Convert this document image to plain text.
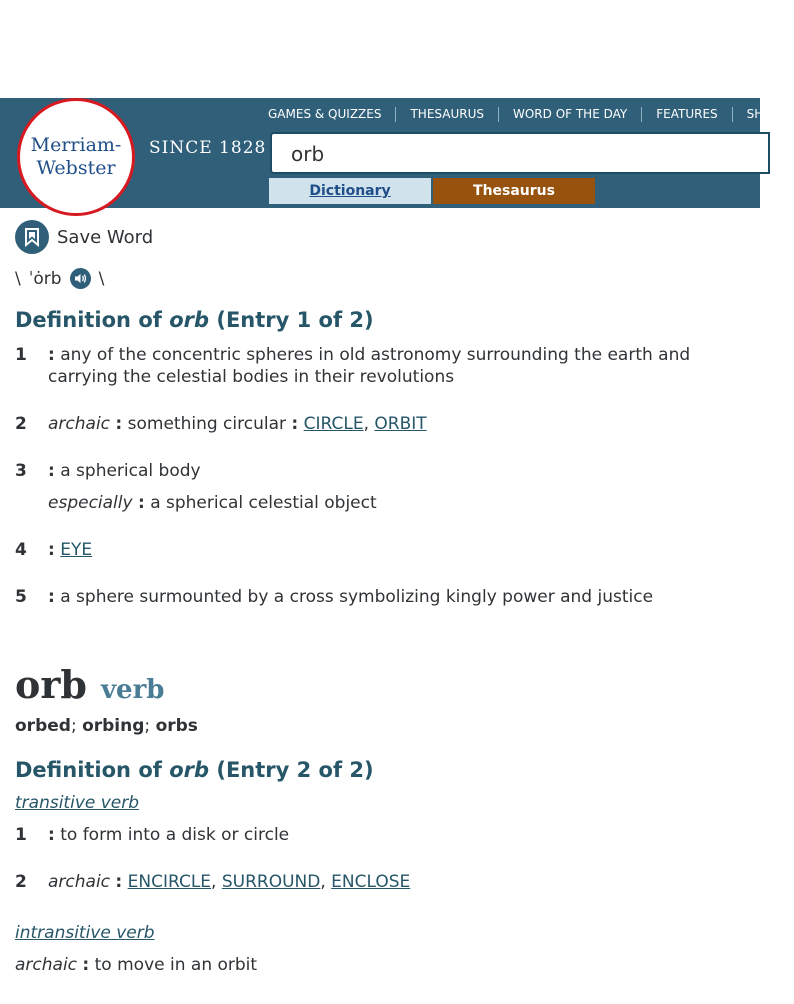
Merriam-
Webster
SINCE 1828
GAMES & QUIZZES	THESAURUS	WORD OF THE DAY	FEATURES	SHOP
orb
Dictionary	Thesaurus
Save Word
\ ˈȯrb \
Definition of orb (Entry 1 of 2)
1 : any of the concentric spheres in old astronomy surrounding the earth and carrying the celestial bodies in their revolutions
2 archaic : something circular : CIRCLE, ORBIT
3 : a spherical body
especially : a spherical celestial object
4 : EYE
5 : a sphere surmounted by a cross symbolizing kingly power and justice
orb verb
orbed; orbing; orbs
Definition of orb (Entry 2 of 2)
transitive verb
1 : to form into a disk or circle
2 archaic : ENCIRCLE, SURROUND, ENCLOSE
intransitive verb
archaic : to move in an orbit
